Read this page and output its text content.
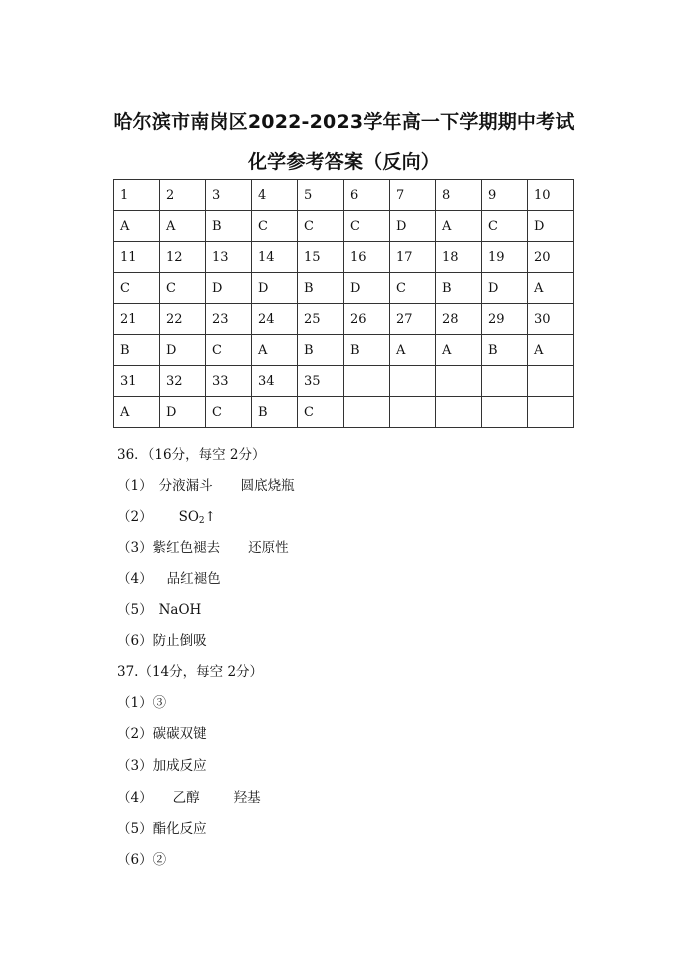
哈尔滨市南岗区2022-2023学年高一下学期期中考试
化学参考答案（反向）
1	2	3	4	5	6	7	8	9	10
A	A	B	C	C	C	D	A	C	D
11	12	13	14	15	16	17	18	19	20
C	C	D	D	B	D	C	B	D	A
21	22	23	24	25	26	27	28	29	30
B	D	C	A	B	B	A	A	B	A
31	32	33	34	35					
A	D	C	B	C					
36．（16分，每空 2分）
（1） 分液漏斗 圆底烧瓶
（2） $SO_2↑$
（3）紫红色褪去 还原性
（4） 品红褪色
（5） NaOH
（6）防止倒吸
37.（14分，每空 2分）
（1）③
（2）碳碳双键
（3）加成反应
（4） 乙醇	羟基
（5）酯化反应
（6）②
